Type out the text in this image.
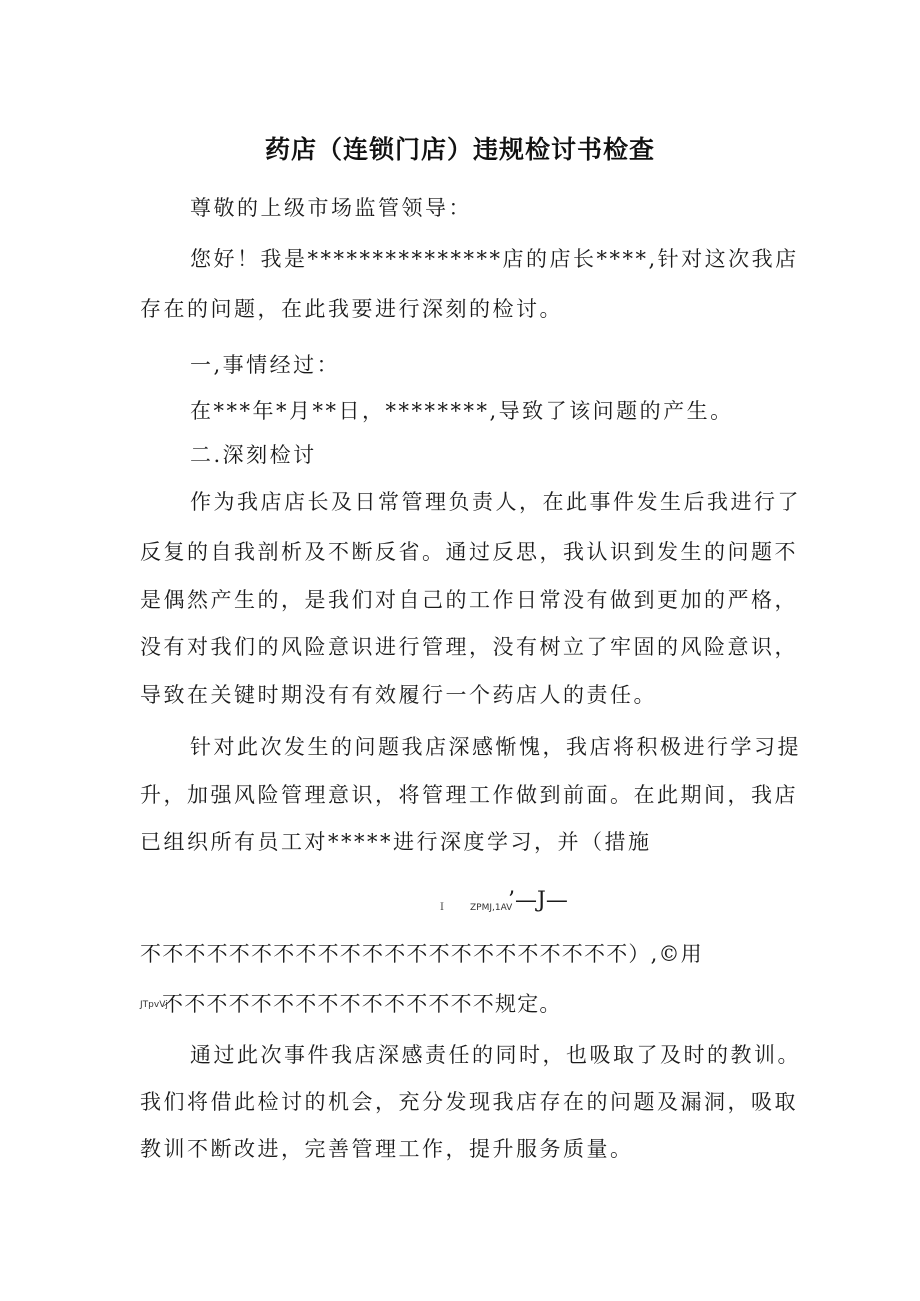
药店（连锁门店）违规检讨书检查
尊敬的上级市场监管领导：
您好！我是***************店的店长****,针对这次我店
存在的问题，在此我要进行深刻的检讨。
一,事情经过：
在***年*月**日，********,导致了该问题的产生。
二.深刻检讨
作为我店店长及日常管理负责人，在此事件发生后我进行了
反复的自我剖析及不断反省。通过反思，我认识到发生的问题不
是偶然产生的，是我们对自己的工作日常没有做到更加的严格，
没有对我们的风险意识进行管理，没有树立了牢固的风险意识，
导致在关键时期没有有效履行一个药店人的责任。
针对此次发生的问题我店深感惭愧，我店将积极进行学习提
升，加强风险管理意识，将管理工作做到前面。在此期间，我店
已组织所有员工对*****进行深度学习，并（措施
I	ZPMJ,1AV
’—J—
不不不不不不不不不不不不不不不不不不不不不不）,©用
JTpvVj
不不不不不不不不不不不不不不不规定。
通过此次事件我店深感责任的同时，也吸取了及时的教训。
我们将借此检讨的机会，充分发现我店存在的问题及漏洞，吸取
教训不断改进，完善管理工作，提升服务质量。
